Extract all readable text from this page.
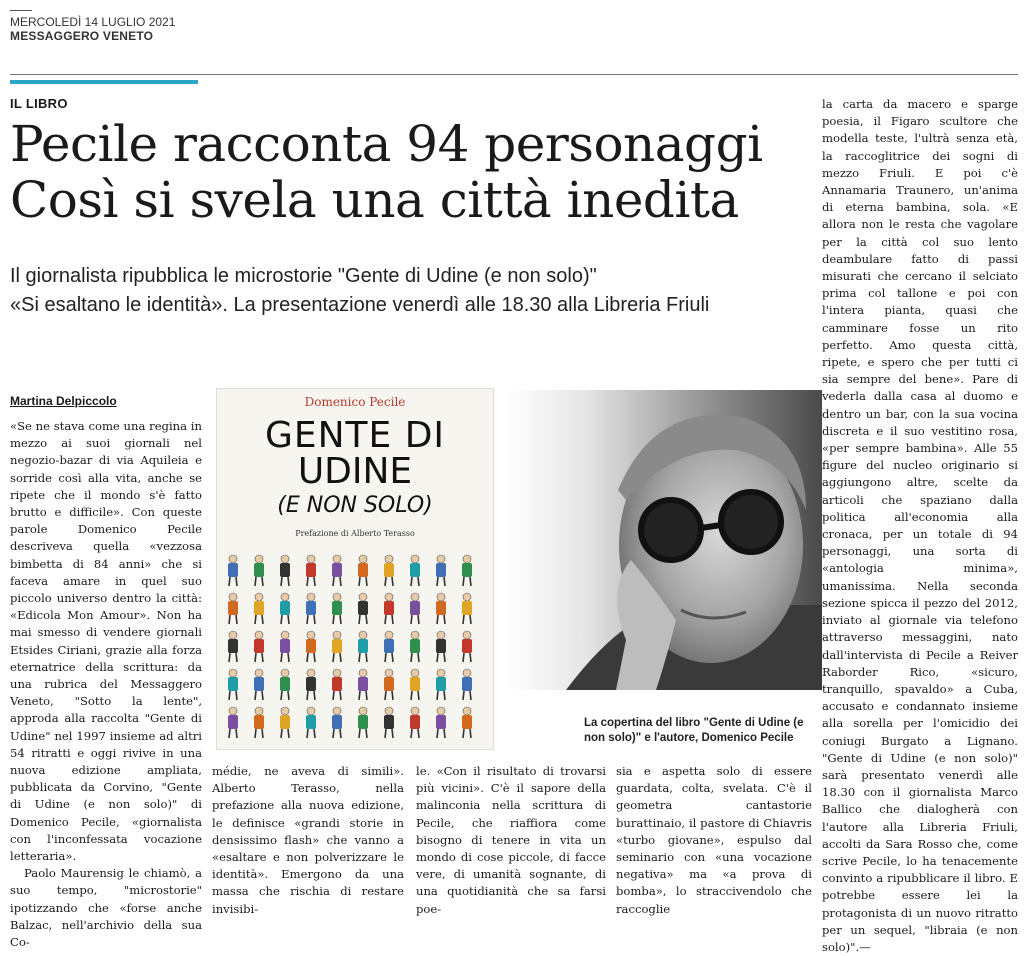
MERCOLEDÌ 14 LUGLIO 2021
MESSAGGERO VENETO
IL LIBRO
Pecile racconta 94 personaggi
Così si svela una città inedita
Il giornalista ripubblica le microstorie "Gente di Udine (e non solo)"
«Si esaltano le identità». La presentazione venerdì alle 18.30 alla Libreria Friuli
Martina Delpiccolo

«Se ne stava come una regina in mezzo ai suoi giornali nel negozio-bazar di via Aquileia e sorride così alla vita, anche se ripete che il mondo s'è fatto brutto e difficile». Con queste parole Domenico Pecile descriveva quella «vezzosa bimbetta di 84 anni» che si faceva amare in quel suo piccolo universo dentro la città: «Edicola Mon Amour». Non ha mai smesso di vendere giornali Etsides Ciriani, grazie alla forza eternatrice della scrittura: da una rubrica del Messaggero Veneto, "Sotto la lente", approda alla raccolta "Gente di Udine" nel 1997 insieme ad altri 54 ritratti e oggi rivive in una nuova edizione ampliata, pubblicata da Corvino, "Gente di Udine (e non solo)" di Domenico Pecile, «giornalista con l'inconfessata vocazione letteraria».

Paolo Maurensig le chiamò, a suo tempo, "microstorie" ipotizzando che «forse anche Balzac, nell'archivio della sua Co-

médie, ne aveva di simili». Alberto Terasso, nella prefazione alla nuova edizione, le definisce «grandi storie in densissimo flash» che vanno a «esaltare e non polverizzare le identità». Emergono da una massa che rischia di restare invisibi-

le. «Con il risultato di trovarsi più vicini». C'è il sapore della malinconia nella scrittura di Pecile, che riaffiora come bisogno di tenere in vita un mondo di cose piccole, di facce vere, di umanità sognante, di una quotidianità che sa farsi poe-

sia e aspetta solo di essere guardata, colta, svelata. C'è il geometra cantastorie burattinaio, il pastore di Chiavris «turbo giovane», espulso dal seminario con «una vocazione negativa» ma «a prova di bomba», lo straccivendolo che raccoglie

la carta da macero e sparge poesia, il Figaro scultore che modella teste, l'ultrà senza età, la raccoglitrice dei sogni di mezzo Friuli. E poi c'è Annamaria Traunero, un'anima di eterna bambina, sola. «E allora non le resta che vagolare per la città col suo lento deambulare fatto di passi misurati che cercano il selciato prima col tallone e poi con l'intera pianta, quasi che camminare fosse un rito perfetto. Amo questa città, ripete, e spero che per tutti ci sia sempre del bene». Pare di vederla dalla casa al duomo e dentro un bar, con la sua vocina discreta e il suo vestitino rosa, «per sempre bambina». Alle 55 figure del nucleo originario si aggiungono altre, scelte da articoli che spaziano dalla politica all'economia alla cronaca, per un totale di 94 personaggi, una sorta di «antologia minima», umanissima. Nella seconda sezione spicca il pezzo del 2012, inviato al giornale via telefono attraverso messaggini, nato dall'intervista di Pecile a Reiver Raborder Rico, «sicuro, tranquillo, spavaldo» a Cuba, accusato e condannato insieme alla sorella per l'omicidio dei coniugi Burgato a Lignano. "Gente di Udine (e non solo)" sarà presentato venerdì alle 18.30 con il giornalista Marco Ballico che dialogherà con l'autore alla Libreria Friuli, accolti da Sara Rosso che, come scrive Pecile, lo ha tenacemente convinto a ripubblicare il libro. E potrebbe essere lei la protagonista di un nuovo ritratto per un sequel, "libraia (e non solo)".—

Domenico Pecile
GENTE DI
UDINE
(E NON SOLO)
Prefazione di Alberto Terasso
La copertina del libro "Gente di Udine (e non solo)" e l'autore, Domenico Pecile
